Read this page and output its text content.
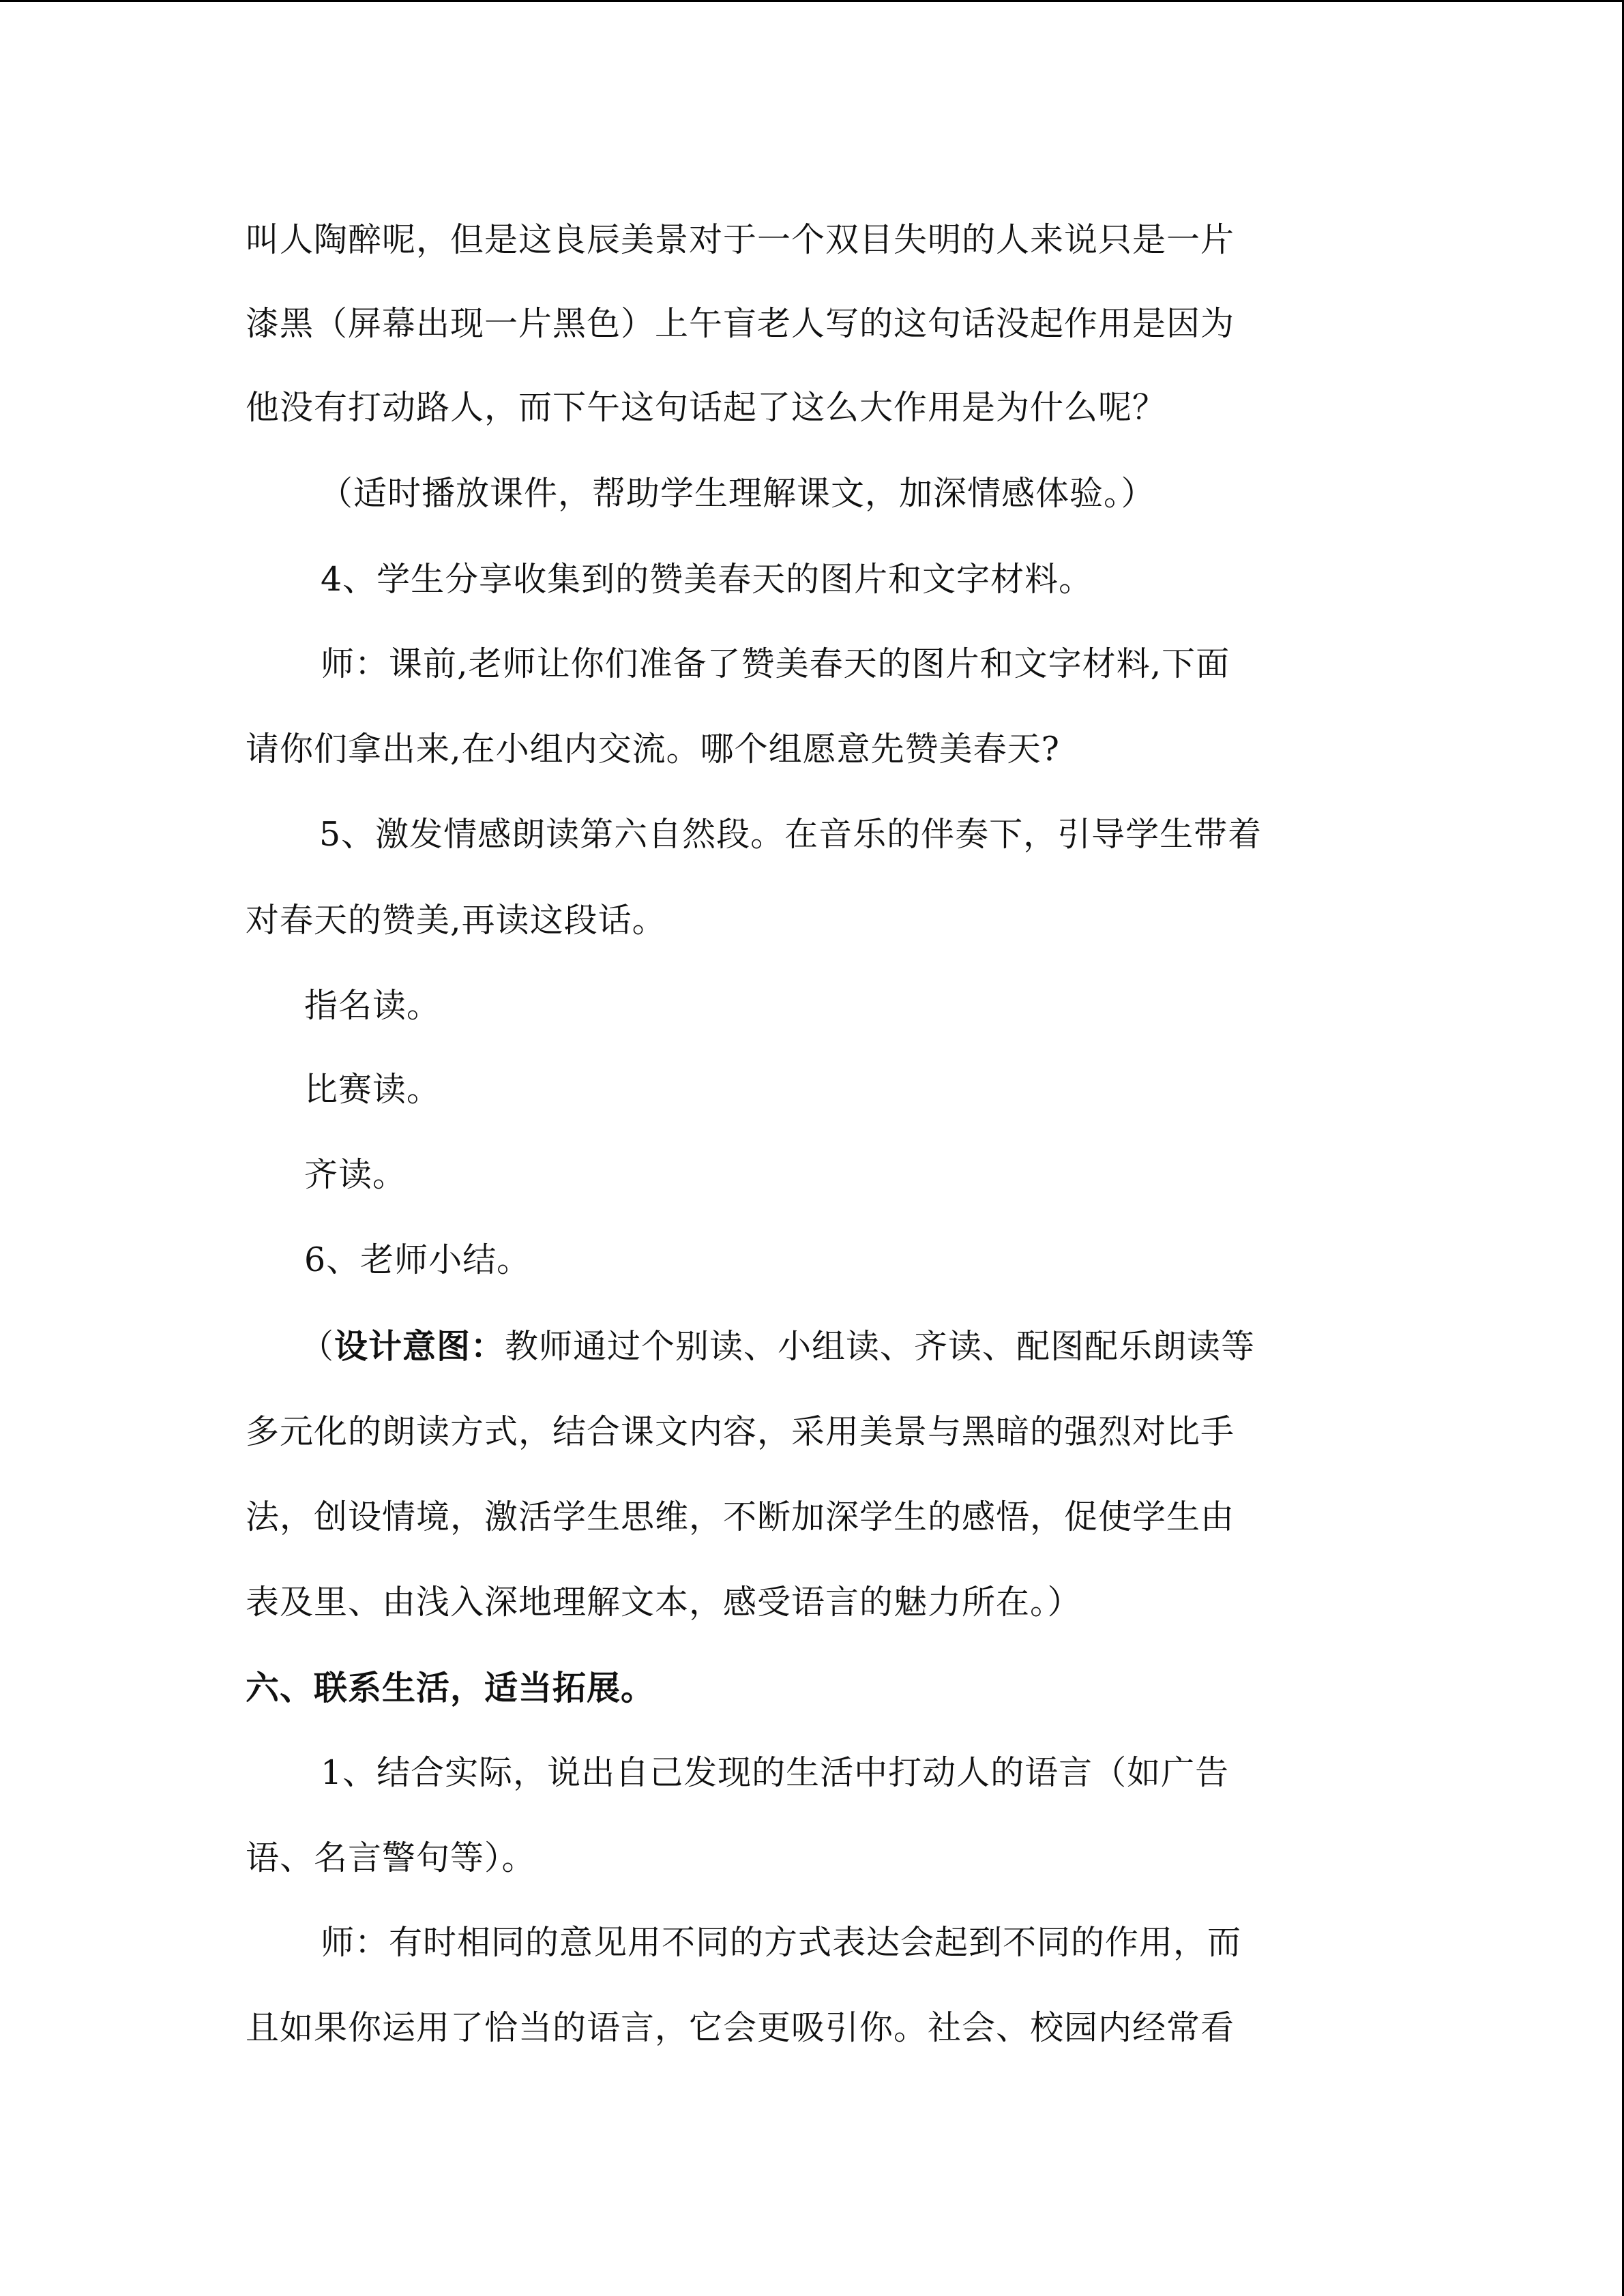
叫人陶醉呢，但是这良辰美景对于一个双目失明的人来说只是一片
漆黑（屏幕出现一片黑色）上午盲老人写的这句话没起作用是因为
他没有打动路人，而下午这句话起了这么大作用是为什么呢？
（适时播放课件，帮助学生理解课文，加深情感体验。）
4、学生分享收集到的赞美春天的图片和文字材料。
师：课前,老师让你们准备了赞美春天的图片和文字材料,下面
请你们拿出来,在小组内交流。哪个组愿意先赞美春天?
5、激发情感朗读第六自然段。在音乐的伴奏下，引导学生带着
对春天的赞美,再读这段话。
指名读。
比赛读。
齐读。
6、老师小结。
（设计意图：教师通过个别读、小组读、齐读、配图配乐朗读等
多元化的朗读方式，结合课文内容，采用美景与黑暗的强烈对比手
法，创设情境，激活学生思维，不断加深学生的感悟，促使学生由
表及里、由浅入深地理解文本，感受语言的魅力所在。）
六、联系生活，适当拓展。
1、结合实际，说出自己发现的生活中打动人的语言（如广告
语、名言警句等）。
师：有时相同的意见用不同的方式表达会起到不同的作用，而
且如果你运用了恰当的语言，它会更吸引你。社会、校园内经常看
